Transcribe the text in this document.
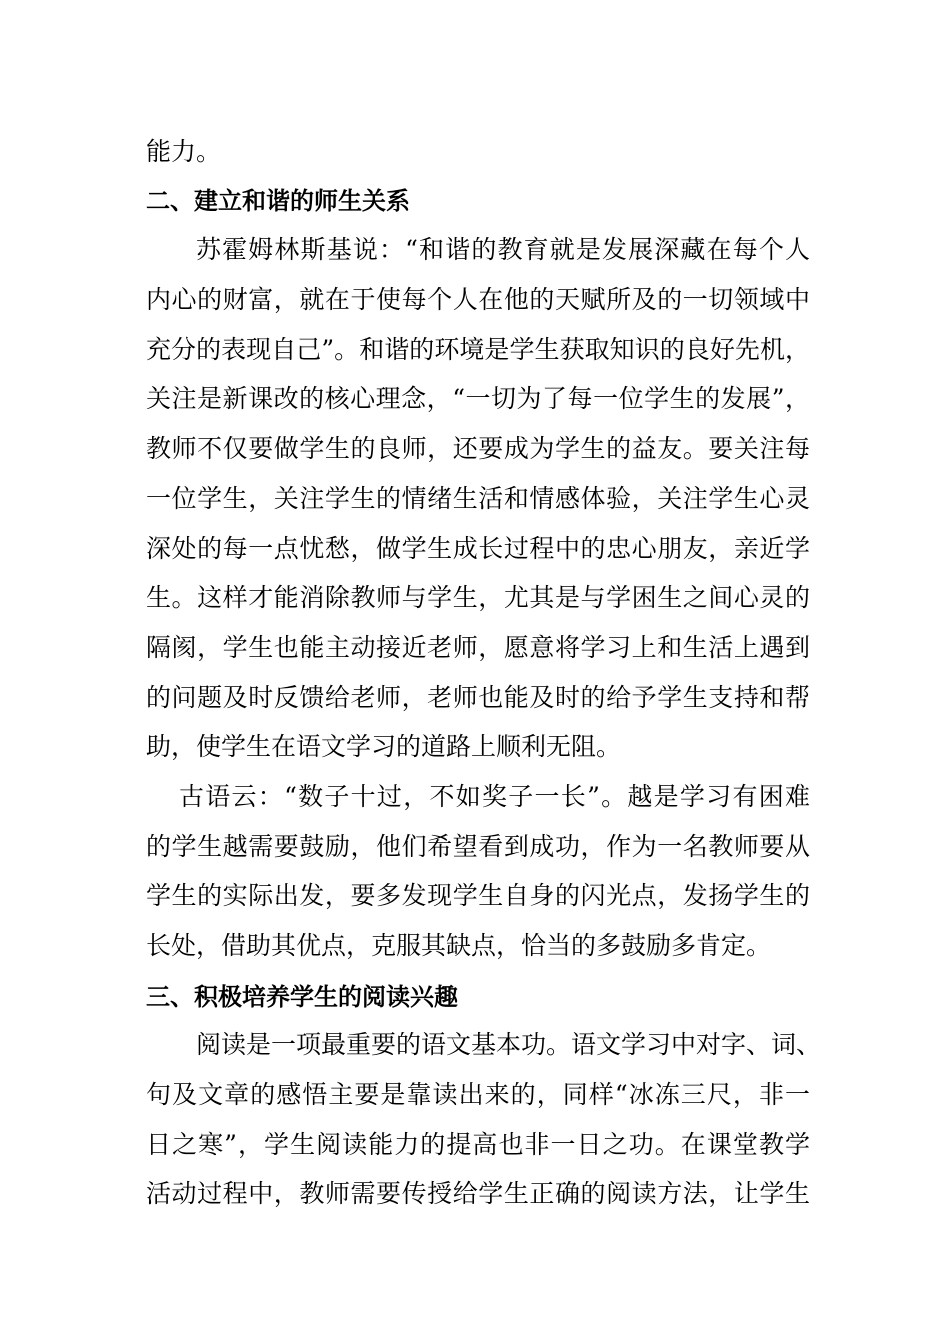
能力。
二、建立和谐的师生关系
苏霍姆林斯基说：“和谐的教育就是发展深藏在每个人
内心的财富，就在于使每个人在他的天赋所及的一切领域中
充分的表现自己”。和谐的环境是学生获取知识的良好先机，
关注是新课改的核心理念，“一切为了每一位学生的发展”，
教师不仅要做学生的良师，还要成为学生的益友。要关注每
一位学生，关注学生的情绪生活和情感体验，关注学生心灵
深处的每一点忧愁，做学生成长过程中的忠心朋友，亲近学
生。这样才能消除教师与学生，尤其是与学困生之间心灵的
隔阂，学生也能主动接近老师，愿意将学习上和生活上遇到
的问题及时反馈给老师，老师也能及时的给予学生支持和帮
助，使学生在语文学习的道路上顺利无阻。
古语云：“数子十过，不如奖子一长”。越是学习有困难
的学生越需要鼓励，他们希望看到成功，作为一名教师要从
学生的实际出发，要多发现学生自身的闪光点，发扬学生的
长处，借助其优点，克服其缺点，恰当的多鼓励多肯定。
三、积极培养学生的阅读兴趣
阅读是一项最重要的语文基本功。语文学习中对字、词、
句及文章的感悟主要是靠读出来的，同样“冰冻三尺，非一
日之寒”，学生阅读能力的提高也非一日之功。在课堂教学
活动过程中，教师需要传授给学生正确的阅读方法，让学生
